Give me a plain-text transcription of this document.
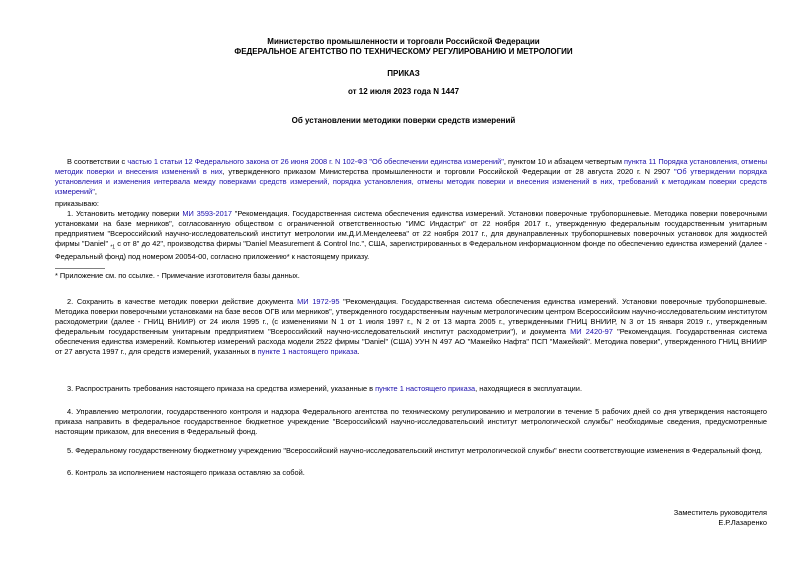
Министерство промышленности и торговли Российской Федерации
ФЕДЕРАЛЬНОЕ АГЕНТСТВО ПО ТЕХНИЧЕСКОМУ РЕГУЛИРОВАНИЮ И МЕТРОЛОГИИ
ПРИКАЗ
от 12 июля 2023 года N 1447
Об установлении методики поверки средств измерений

В соответствии с частью 1 статьи 12 Федерального закона от 26 июня 2008 г. N 102-ФЗ "Об обеспечении единства измерений", пунктом 10 и абзацем четвертым пункта 11 Порядка установления, отмены методик поверки и внесения изменений в них, утвержденного приказом Министерства промышленности и торговли Российской Федерации от 28 августа 2020 г. N 2907 "Об утверждении порядка установления и изменения интервала между поверками средств измерений, порядка установления, отмены методик поверки и внесения изменений в них, требований к методикам поверки средств измерений",

приказываю:

1. Установить методику поверки МИ 3593-2017 "Рекомендация. Государственная система обеспечения единства измерений. Установки поверочные трубопоршневые. Методика поверки поверочными установками на базе мерников", согласованную обществом с ограниченной ответственностью "ИМС Индастри" от 22 ноября 2017 г., утвержденную федеральным государственным унитарным предприятием "Всероссийский научно-исследовательский институт метрологии им.Д.И.Менделеева" от 22 ноября 2017 г., для двунаправленных трубопоршневых поверочных установок для жидкостей фирмы "Daniel" $_{*1}$ с от 8" до 42", производства фирмы "Daniel Measurement & Control Inc.", США, зарегистрированных в Федеральном информационном фонде по обеспечению единства измерений (далее - Федеральный фонд) под номером 20054-00, согласно приложению* к настоящему приказу.

* Приложение см. по ссылке. - Примечание изготовителя базы данных.

2. Сохранить в качестве методик поверки действие документа МИ 1972-95 "Рекомендация. Государственная система обеспечения единства измерений. Установки поверочные трубопоршневые. Методика поверки поверочными установками на базе весов ОГВ или мерников", утвержденного государственным научным метрологическим центром Всероссийским научно-исследовательским институтом расходометрии (далее - ГНИЦ ВНИИР) от 24 июля 1995 г., (с изменениями N 1 от 1 июля 1997 г., N 2 от 13 марта 2005 г., утвержденными ГНИЦ ВНИИР, N 3 от 15 января 2019 г., утвержденным федеральным государственным унитарным предприятием "Всероссийский научно-исследовательский институт расходометрии"), и документа МИ 2420-97 "Рекомендация. Государственная система обеспечения единства измерений. Компьютер измерений расхода модели 2522 фирмы "Daniel" (США) УУН N 497 АО "Мажейко Нафта" ПСП "Мажейкяй". Методика поверки", утвержденного ГНИЦ ВНИИР от 27 августа 1997 г., для средств измерений, указанных в пункте 1 настоящего приказа.

3. Распространить требования настоящего приказа на средства измерений, указанные в пункте 1 настоящего приказа, находящиеся в эксплуатации.

4. Управлению метрологии, государственного контроля и надзора Федерального агентства по техническому регулированию и метрологии в течение 5 рабочих дней со дня утверждения настоящего приказа направить в федеральное государственное бюджетное учреждение "Всероссийский научно-исследовательский институт метрологической службы" необходимые сведения, предусмотренные настоящим приказом, для внесения в Федеральный фонд.

5. Федеральному государственному бюджетному учреждению "Всероссийский научно-исследовательский институт метрологической службы" внести соответствующие изменения в Федеральный фонд.

6. Контроль за исполнением настоящего приказа оставляю за собой.

Заместитель руководителя
Е.Р.Лазаренко
